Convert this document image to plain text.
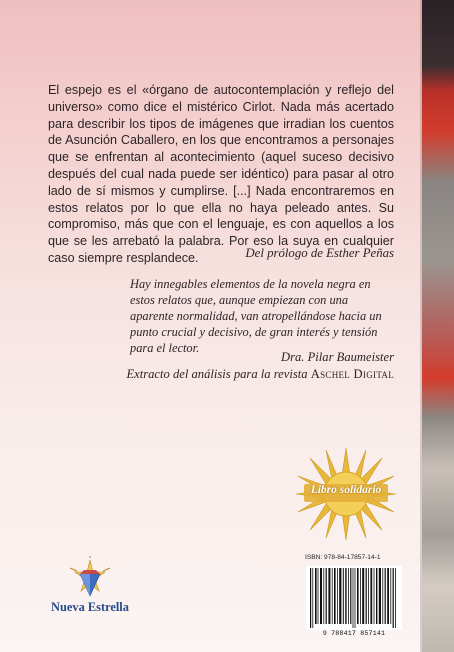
El espejo es el «órgano de autocontemplación y reflejo del universo» como dice el mistérico Cirlot. Nada más acertado para describir los tipos de imágenes que irradian los cuentos de Asunción Caballero, en los que encontramos a personajes que se enfrentan al acontecimiento (aquel suceso decisivo después del cual nada puede ser idéntico) para pasar al otro lado de sí mismos y cumplirse. [...] Nada encontraremos en estos relatos por lo que ella no haya peleado antes. Su compromiso, más que con el lenguaje, es con aquellos a los que se les arrebató la palabra. Por eso la suya en cualquier caso siempre resplandece.	Del prólogo de Esther Peñas

Hay innegables elementos de la novela negra en estos relatos que, aunque empiezan con una aparente normalidad, van atropellándose hacia un punto crucial y decisivo, de gran interés y tensión para el lector.

Dra. Pilar Baumeister
Extracto del análisis para la revista Aschel Digital

Libro solidario
ISBN: 978-84-17857-14-1
9 788417 857141
Nueva Estrella
